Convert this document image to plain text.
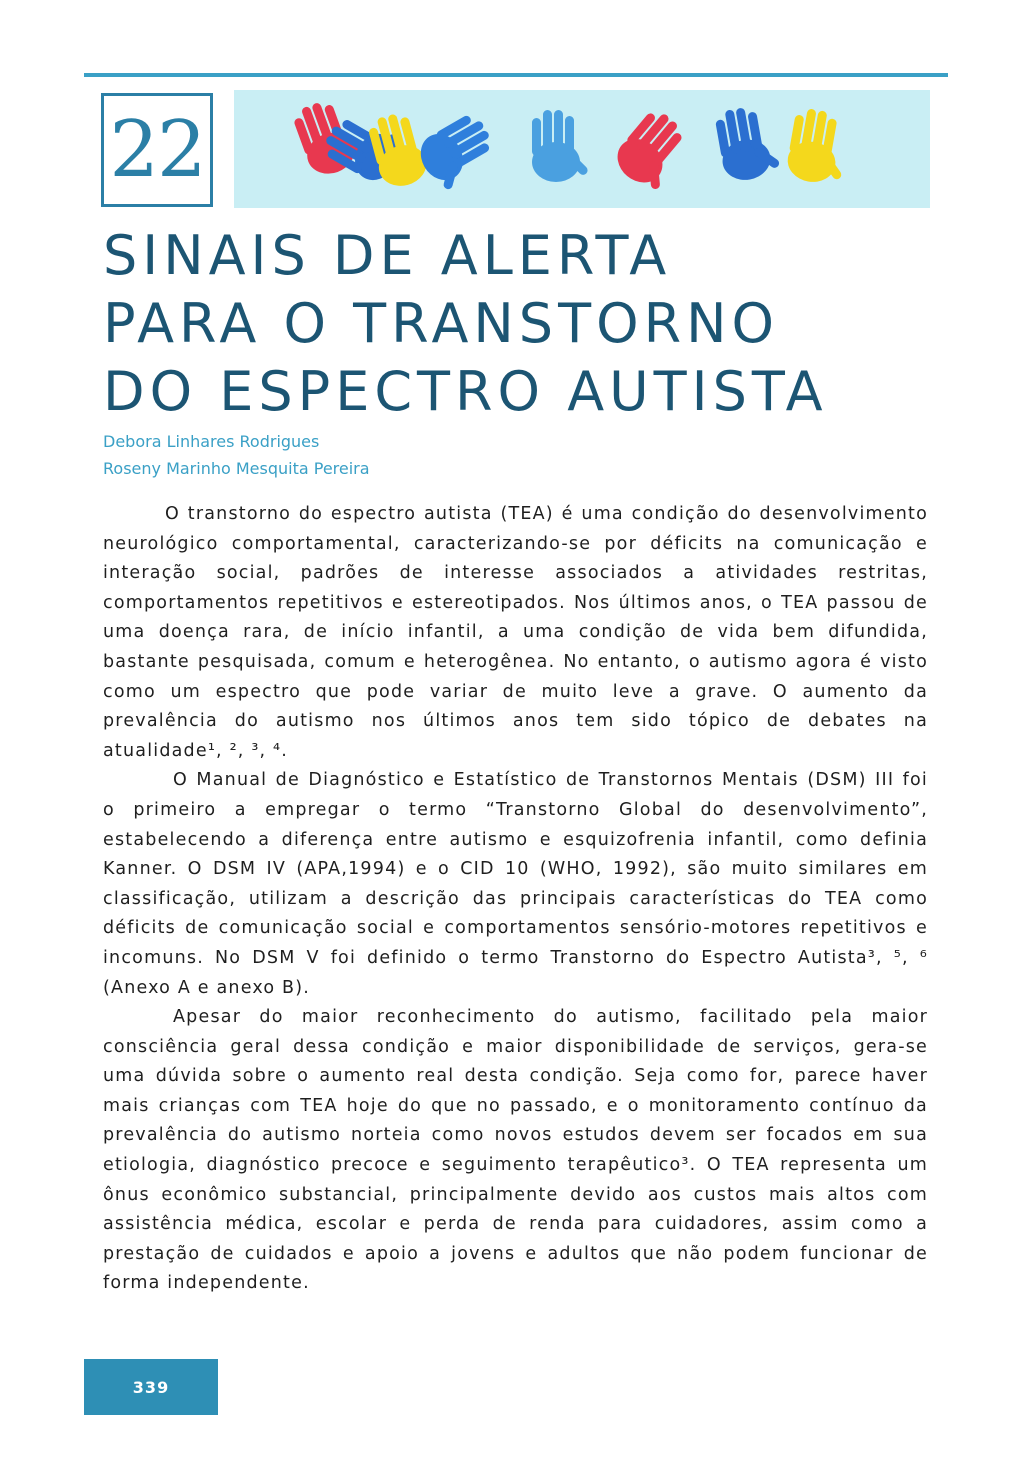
22
SINAIS DE ALERTA
PARA O TRANSTORNO
DO ESPECTRO AUTISTA
Debora Linhares Rodrigues
Roseny Marinho Mesquita Pereira

O transtorno do espectro autista (TEA) é uma condição do desenvolvimento neurológico comportamental, caracterizando-se por déficits na comunicação e interação social, padrões de interesse associados a atividades restritas, comportamentos repetitivos e estereotipados. Nos últimos anos, o TEA passou de uma doença rara, de início infantil, a uma condição de vida bem difundida, bastante pesquisada, comum e heterogênea. No entanto, o autismo agora é visto como um espectro que pode variar de muito leve a grave. O aumento da prevalência do autismo nos últimos anos tem sido tópico de debates na atualidade¹, ², ³, ⁴.

O Manual de Diagnóstico e Estatístico de Transtornos Mentais (DSM) III foi o primeiro a empregar o termo “Transtorno Global do desenvolvimento”, estabelecendo a diferença entre autismo e esquizofrenia infantil, como definia Kanner. O DSM IV (APA,1994) e o CID 10 (WHO, 1992), são muito similares em classificação, utilizam a descrição das principais características do TEA como déficits de comunicação social e comportamentos sensório-motores repetitivos e incomuns. No DSM V foi definido o termo Transtorno do Espectro Autista³, ⁵, ⁶ (Anexo A e anexo B).

Apesar do maior reconhecimento do autismo, facilitado pela maior consciência geral dessa condição e maior disponibilidade de serviços, gera-se uma dúvida sobre o aumento real desta condição. Seja como for, parece haver mais crianças com TEA hoje do que no passado, e o monitoramento contínuo da prevalência do autismo norteia como novos estudos devem ser focados em sua etiologia, diagnóstico precoce e seguimento terapêutico³. O TEA representa um ônus econômico substancial, principalmente devido aos custos mais altos com assistência médica, escolar e perda de renda para cuidadores, assim como a prestação de cuidados e apoio a jovens e adultos que não podem funcionar de forma independente.

339
